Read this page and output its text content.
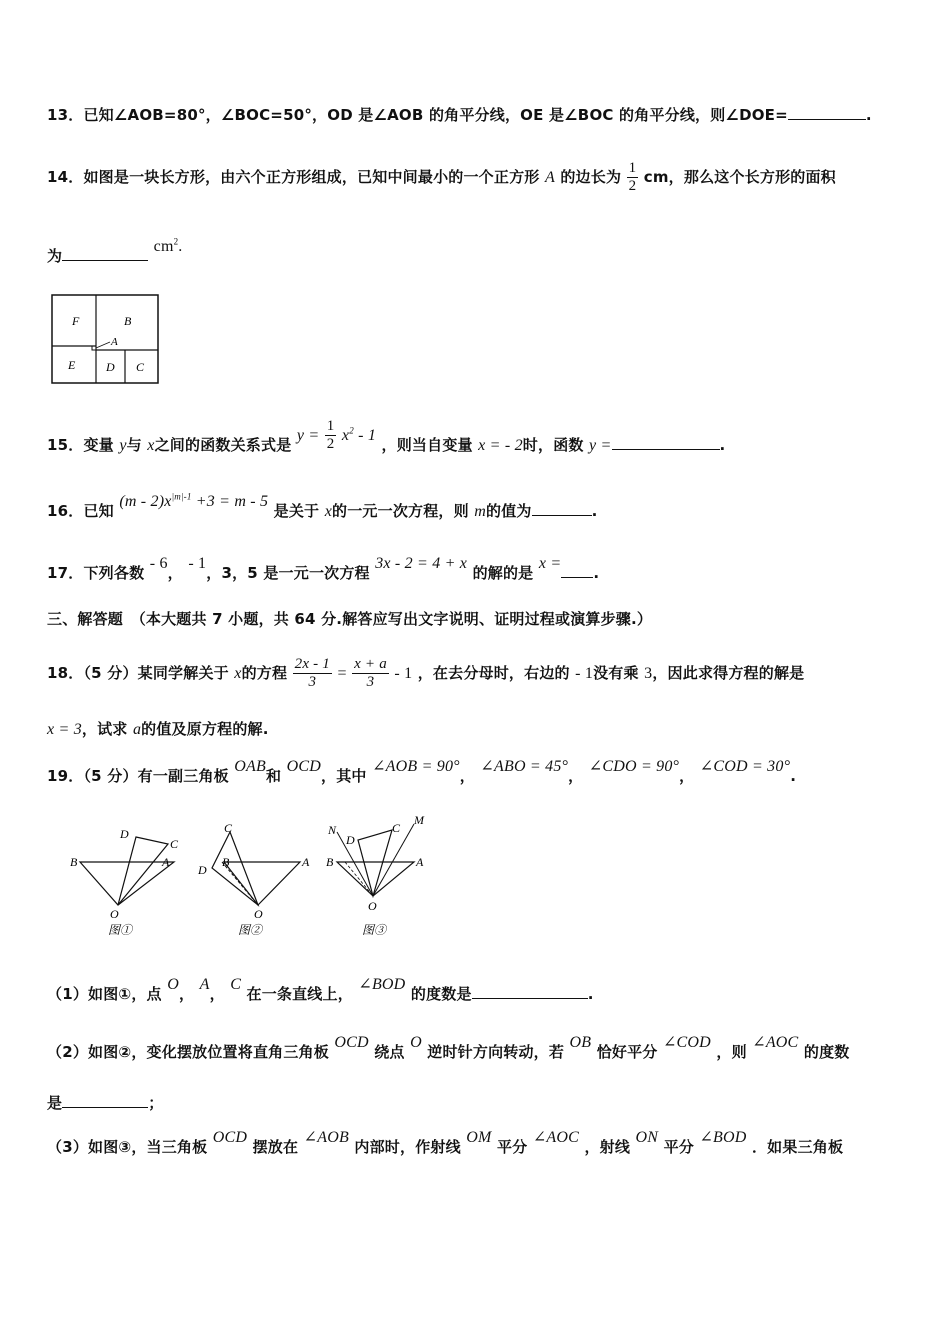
13．已知∠AOB=80°，∠BOC=50°，OD 是∠AOB 的角平分线，OE 是∠BOC 的角平分线，则∠DOE=	.
14．如图是一块长方形，由六个正方形组成，已知中间最小的一个正方形 A 的边长为 $\frac{1}{2}$ cm，那么这个长方形的面积
为 $cm^2$.
F	B
A
E	D C
15．变量 y与 x之间的函数关系式是 $y = \frac{1}{2} x^2 - 1$ ，则当自变量 x = - 2时，函数 y =	.
16．已知 $(m - 2)x^{|m|-1} +3 = m - 5$ 是关于 x的一元一次方程，则 m的值为	.
17．下列各数 - 6， - 1，3，5 是一元一次方程 3x - 2 = 4 + x 的解的是 x =.
三、解答题　（本大题共 7 小题，共 64 分.解答应写出文字说明、证明过程或演算步骤.）
18．（5 分）某同学解关于 x的方程 $\frac{2x - 1}{3} = \frac{x + a}{3} - 1$ ，在去分母时，右边的 - 1没有乘 3，因此求得方程的解是
x = 3，试求 a的值及原方程的解.
19．（5 分）有一副三角板 OAB和 OCD，其中 ∠AOB = 90°， ∠ABO = 45°， ∠CDO = 90°， ∠COD = 30°.
D
C
B	A
O
图①
C
B	A
D
O
图②
N
D
C
M
B	A
O
图③
（1）如图①，点 O， A， C 在一条直线上， ∠BOD 的度数是	.
（2）如图②，变化摆放位置将直角三角板 OCD 绕点 O 逆时针方向转动，若 OB 恰好平分 ∠COD ，则 ∠AOC 的度数
是	；
（3）如图③，当三角板 OCD 摆放在 ∠AOB 内部时，作射线 OM 平分 ∠AOC ，射线 ON 平分 ∠BOD ．如果三角板
